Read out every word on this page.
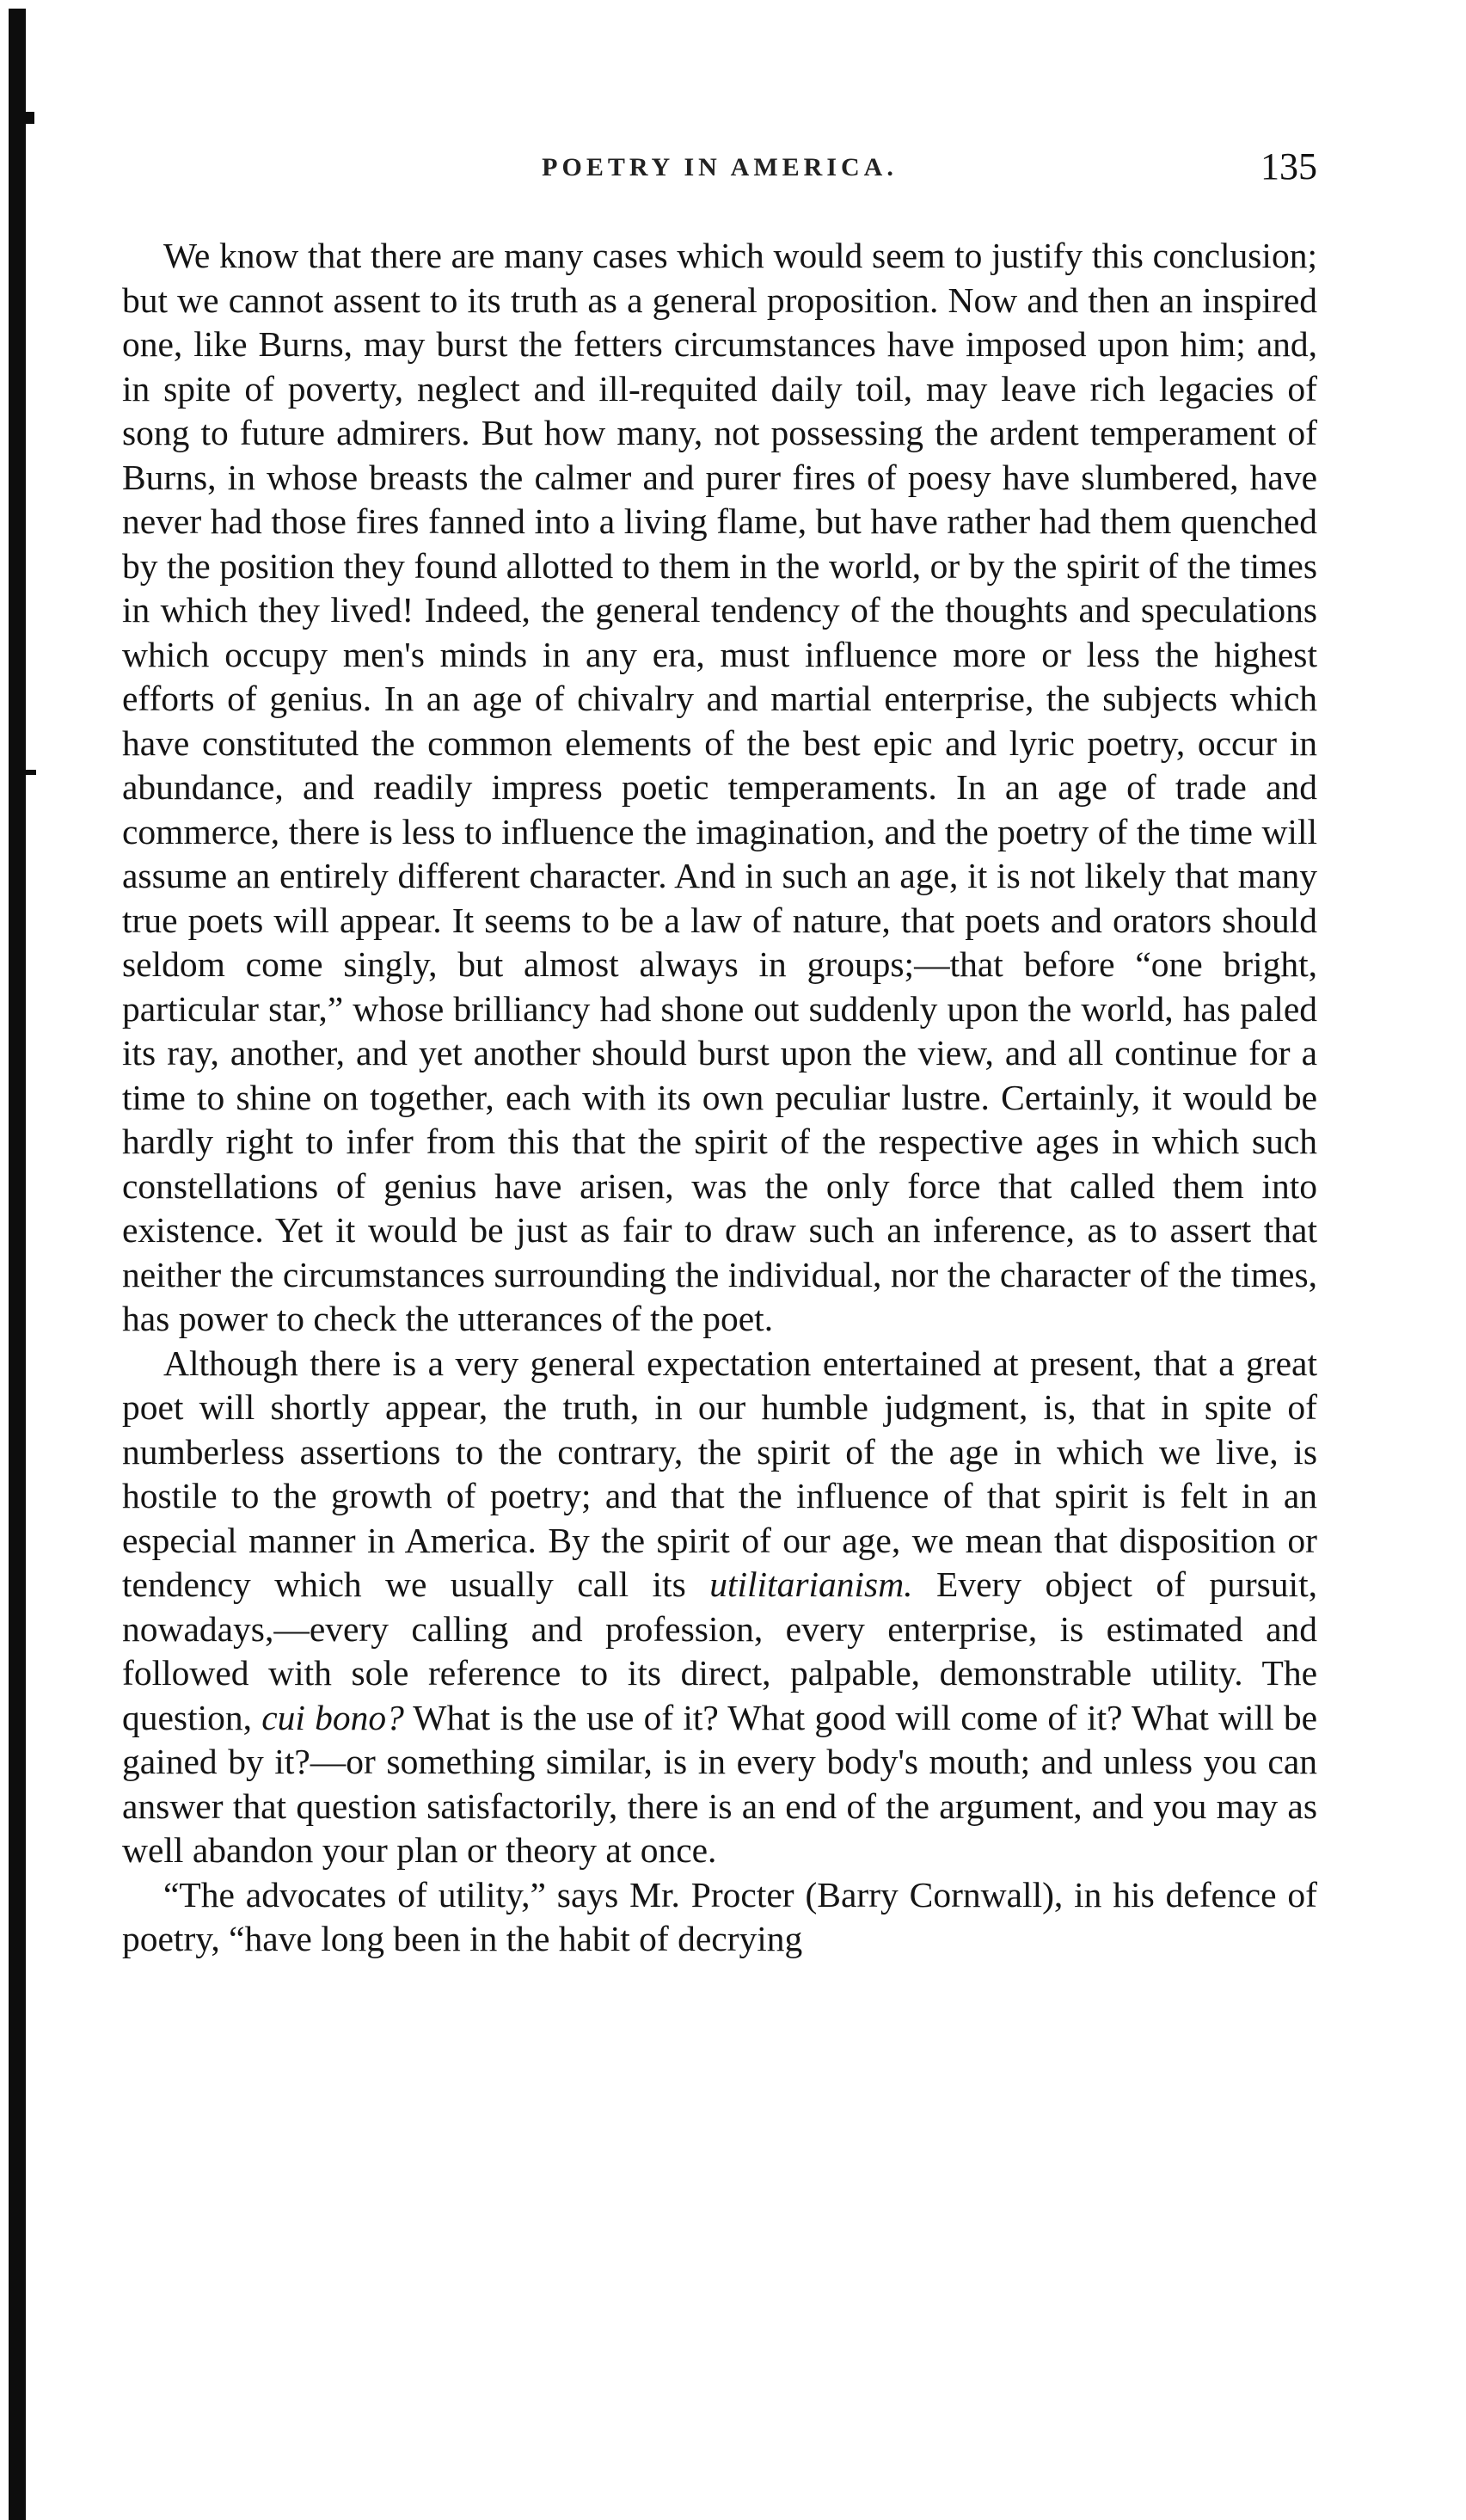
POETRY IN AMERICA.	135

We know that there are many cases which would seem to justify this conclusion; but we cannot assent to its truth as a general proposition. Now and then an inspired one, like Burns, may burst the fetters circumstances have imposed upon him; and, in spite of poverty, neglect and ill-requited daily toil, may leave rich legacies of song to future admirers. But how many, not possessing the ardent temperament of Burns, in whose breasts the calmer and purer fires of poesy have slumbered, have never had those fires fanned into a living flame, but have rather had them quenched by the position they found allotted to them in the world, or by the spirit of the times in which they lived! Indeed, the general tendency of the thoughts and speculations which occupy men's minds in any era, must influence more or less the highest efforts of genius. In an age of chivalry and martial enterprise, the subjects which have constituted the common elements of the best epic and lyric poetry, occur in abundance, and readily impress poetic temperaments. In an age of trade and commerce, there is less to influence the imagination, and the poetry of the time will assume an entirely different character. And in such an age, it is not likely that many true poets will appear. It seems to be a law of nature, that poets and orators should seldom come singly, but almost always in groups;—that before “one bright, particular star,” whose brilliancy had shone out suddenly upon the world, has paled its ray, another, and yet another should burst upon the view, and all continue for a time to shine on together, each with its own peculiar lustre. Certainly, it would be hardly right to infer from this that the spirit of the respective ages in which such constellations of genius have arisen, was the only force that called them into existence. Yet it would be just as fair to draw such an inference, as to assert that neither the circumstances surrounding the individual, nor the character of the times, has power to check the utterances of the poet.

Although there is a very general expectation entertained at present, that a great poet will shortly appear, the truth, in our humble judgment, is, that in spite of numberless assertions to the contrary, the spirit of the age in which we live, is hostile to the growth of poetry; and that the influence of that spirit is felt in an especial manner in America. By the spirit of our age, we mean that disposition or tendency which we usually call its utilitarianism. Every object of pursuit, nowadays,—every calling and profession, every enterprise, is estimated and followed with sole reference to its direct, palpable, demonstrable utility. The question, cui bono? What is the use of it? What good will come of it? What will be gained by it?—or something similar, is in every body's mouth; and unless you can answer that question satisfactorily, there is an end of the argument, and you may as well abandon your plan or theory at once.

“The advocates of utility,” says Mr. Procter (Barry Cornwall), in his defence of poetry, “have long been in the habit of decrying
